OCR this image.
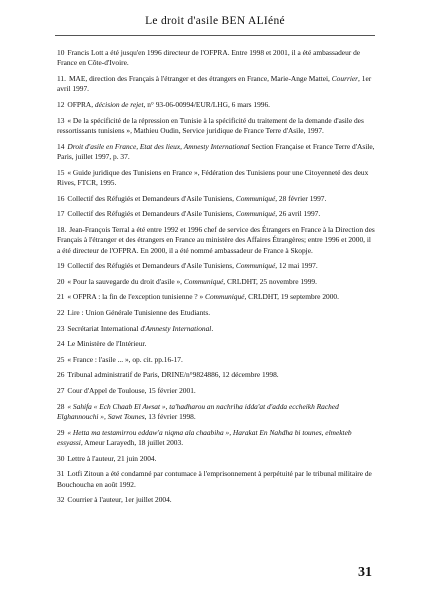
Le droit d'asile BEN ALIéné
10 Francis Lott a été jusqu'en 1996 directeur de l'OFPRA. Entre 1998 et 2001, il a été ambassadeur de France en Côte-d'Ivoire.
11. MAE, direction des Français à l'étranger et des étrangers en France, Marie-Ange Mattei, Courrier, 1er avril 1997.
12 OFPRA, décision de rejet, n° 93-06-00994/EUR/LHG, 6 mars 1996.
13 « De la spécificité de la répression en Tunisie à la spécificité du traitement de la demande d'asile des ressortissants tunisiens », Mathieu Oudin, Service juridique de France Terre d'Asile, 1997.
14 Droit d'asile en France, Etat des lieux, Amnesty International Section Française et France Terre d'Asile, Paris, juillet 1997, p. 37.
15 « Guide juridique des Tunisiens en France », Fédération des Tunisiens pour une Citoyenneté des deux Rives, FTCR, 1995.
16 Collectif des Réfugiés et Demandeurs d'Asile Tunisiens, Communiqué, 28 février 1997.
17 Collectif des Réfugiés et Demandeurs d'Asile Tunisiens, Communiqué, 26 avril 1997.
18. Jean-François Terral a été entre 1992 et 1996 chef de service des Étrangers en France à la Direction des Français à l'étranger et des étrangers en France au ministère des Affaires Étrangères; entre 1996 et 2000, il a été directeur de l'OFPRA. En 2000, il a été nommé ambassadeur de France à Skopje.
19 Collectif des Réfugiés et Demandeurs d'Asile Tunisiens, Communiqué, 12 mai 1997.
20 « Pour la sauvegarde du droit d'asile », Communiqué, CRLDHT, 25 novembre 1999.
21 « OFPRA : la fin de l'exception tunisienne ? » Communiqué, CRLDHT, 19 septembre 2000.
22 Lire : Union Générale Tunisienne des Etudiants.
23 Secrétariat International d'Amnesty International.
24 Le Ministère de l'Intérieur.
25 « France : l'asile ... », op. cit. pp.16-17.
26 Tribunal administratif de Paris, DRINE/n°9824886, 12 décembre 1998.
27 Cour d'Appel de Toulouse, 15 février 2001.
28 « Sahifa « Ech Chaab El Awsat », ta'hadharou an nachriha idda'at d'adda eccheikh Rached Elghannouchi », Sawt Tounes, 13 février 1998.
29 « Hetta ma testamirrou eddaw'a niqma ala chaabiha », Harakat En Nahdha bi tounes, elmekteb essyassi, Ameur Larayedh, 18 juillet 2003.
30 Lettre à l'auteur, 21 juin 2004.
31 Lotfi Zitoun a été condamné par contumace à l'emprisonnement à perpétuité par le tribunal militaire de Bouchoucha en août 1992.
32 Courrier à l'auteur, 1er juillet 2004.
31
